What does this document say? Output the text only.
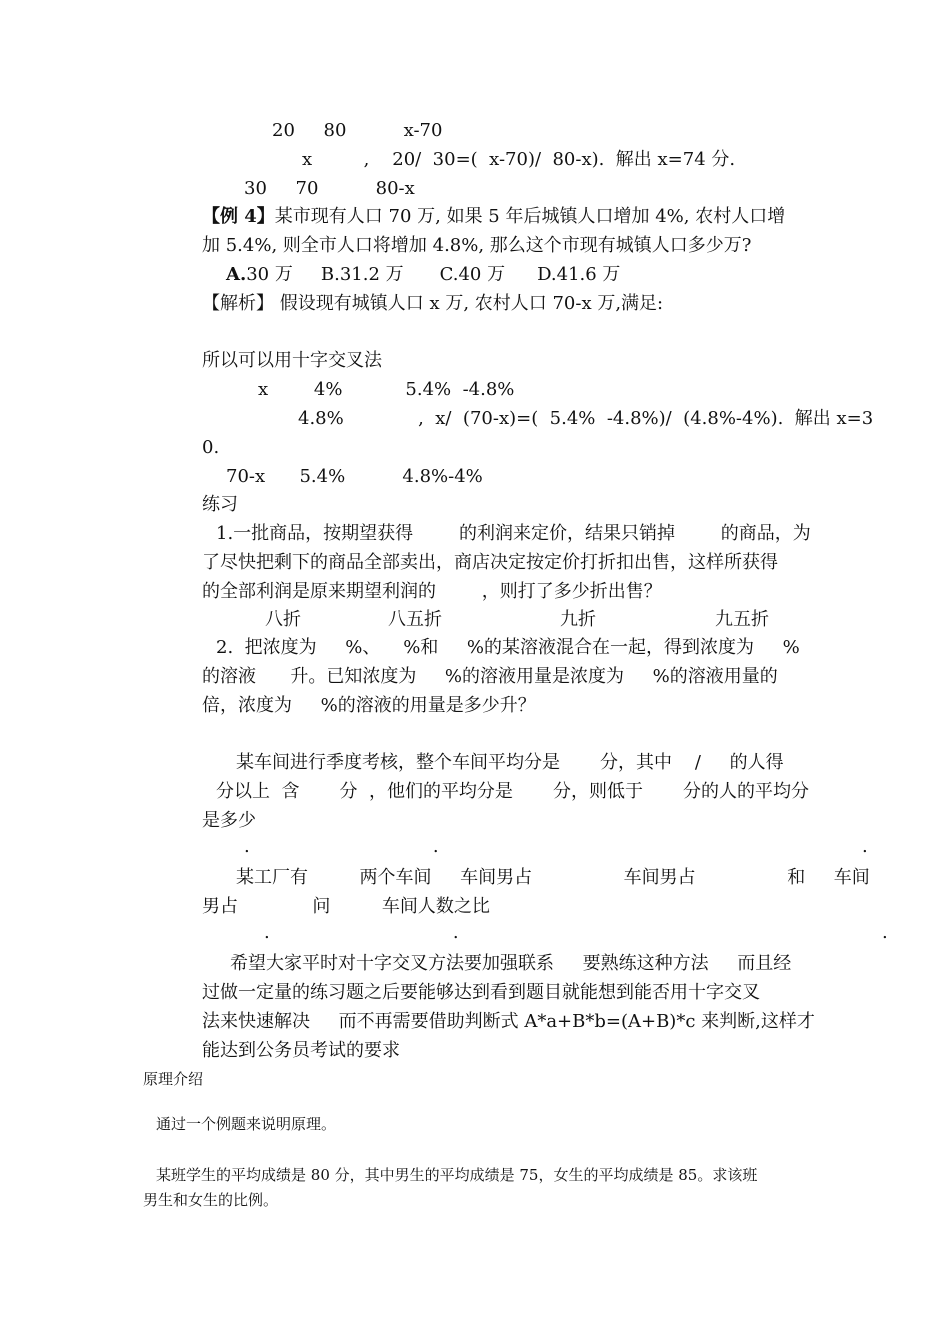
20     80          x-70
x         ,    20/  30=(  x-70)/  80-x).  解出 x=74 分.
30     70          80-x
【例 4】某市现有人口 70 万, 如果 5 年后城镇人口增加 4%, 农村人口增
加 5.4%, 则全市人口将增加 4.8%, 那么这个市现有城镇人口多少万?
A.30 万 B.31.2 万 C.40 万 D.41.6 万
【解析】 假设现有城镇人口 x 万, 农村人口 70-x 万,满足:
所以可以用十字交叉法
x        4%           5.4%  -4.8%
4.8%             ,  x/  (70-x)=(  5.4%  -4.8%)/  (4.8%-4%).  解出 x=3
0.
70-x      5.4%          4.8%-4%
练习
1.一批商品，按期望获得        的利润来定价，结果只销掉        的商品，为
了尽快把剩下的商品全部卖出，商店决定按定价打折扣出售，这样所获得
的全部利润是原来期望利润的        ，则打了多少折出售？
八折	八五折	九折	九五折
2.  把浓度为     %、    %和     %的某溶液混合在一起，得到浓度为     %
的溶液      升。已知浓度为     %的溶液用量是浓度为     %的溶液用量的
倍，浓度为     %的溶液的用量是多少升？
某车间进行季度考核，整个车间平均分是       分，其中    /     的人得
分以上  含       分  ，他们的平均分是       分，则低于       分的人的平均分
是多少
.                                .                                                                          .
某工厂有         两个车间     车间男占                车间男占                和     车间
男占             问         车间人数之比
.                                .                                                                          .
希望大家平时对十字交叉方法要加强联系     要熟练这种方法     而且经
过做一定量的练习题之后要能够达到看到题目就能想到能否用十字交叉
法来快速解决     而不再需要借助判断式 A*a+B*b=(A+B)*c 来判断,这样才
能达到公务员考试的要求
原理介绍
通过一个例题来说明原理。
某班学生的平均成绩是 80 分，其中男生的平均成绩是 75，女生的平均成绩是 85。求该班
男生和女生的比例。
